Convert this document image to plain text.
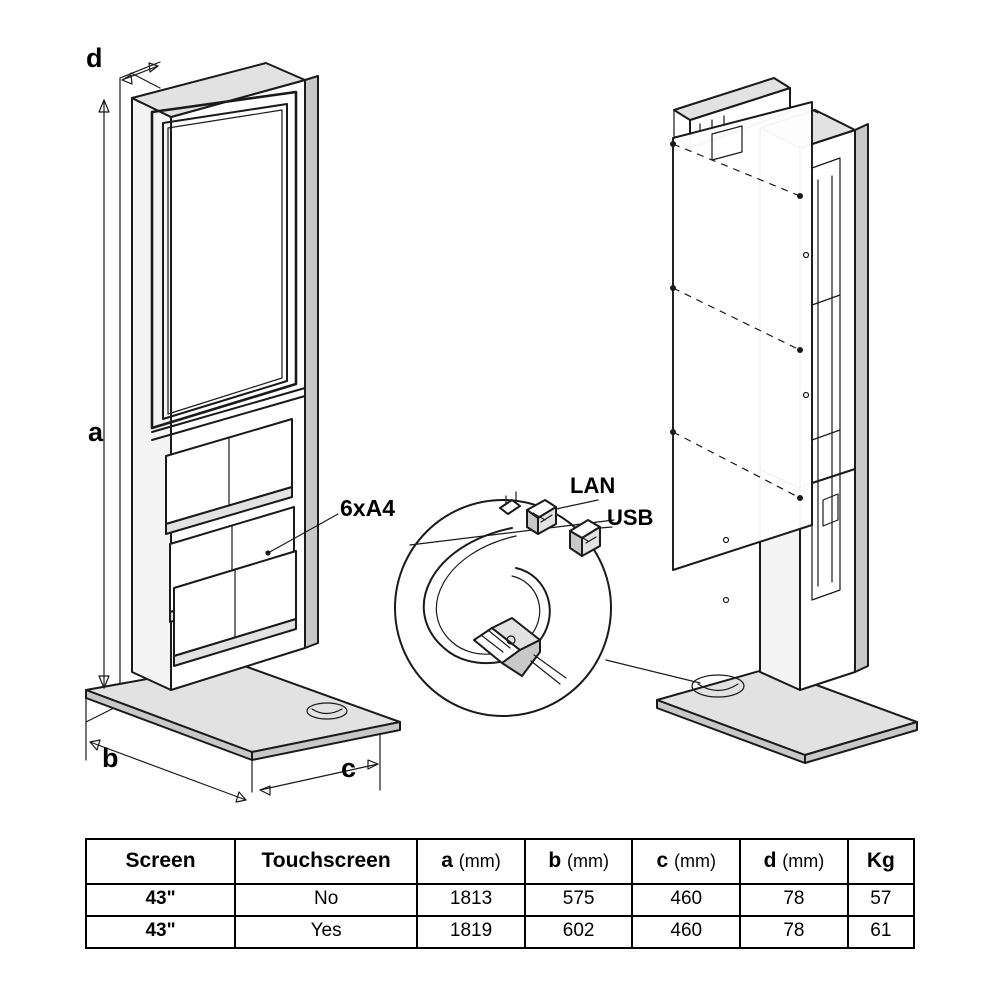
a
b	c
d
6xA4
LAN
USB
Screen	Touchscreen	a (mm)	b (mm)	c (mm)	d (mm)	Kg
43"	No	1813	575	460	78	57
43"	Yes	1819	602	460	78	61
